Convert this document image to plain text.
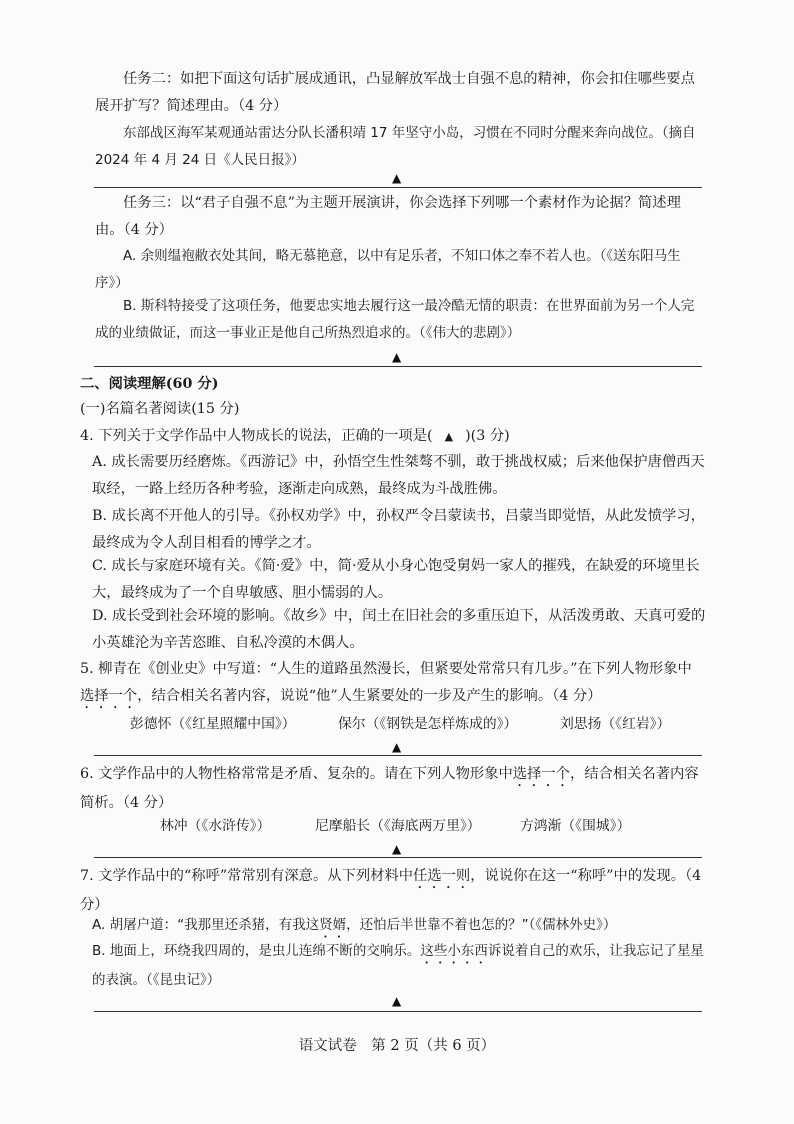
任务二：如把下面这句话扩展成通讯，凸显解放军战士自强不息的精神，你会扣住哪些要点展开扩写？简述理由。（4 分）

东部战区海军某观通站雷达分队长潘积靖 17 年坚守小岛，习惯在不同时分醒来奔向战位。（摘自 2024 年 4 月 24 日《人民日报》）

▲

任务三：以“君子自强不息”为主题开展演讲，你会选择下列哪一个素材作为论据？简述理由。（4 分）

A. 余则缊袍敝衣处其间，略无慕艳意，以中有足乐者，不知口体之奉不若人也。（《送东阳马生序》）

B. 斯科特接受了这项任务，他要忠实地去履行这一最冷酷无情的职责：在世界面前为另一个人完成的业绩做证，而这一事业正是他自己所热烈追求的。（《伟大的悲剧》）

▲

二、阅读理解(60 分)

(一)名篇名著阅读(15 分)

4. 下列关于文学作品中人物成长的说法，正确的一项是( ▲ )(3 分)

A. 成长需要历经磨炼。《西游记》中，孙悟空生性桀骜不驯，敢于挑战权威；后来他保护唐僧西天取经，一路上经历各种考验，逐渐走向成熟，最终成为斗战胜佛。

B. 成长离不开他人的引导。《孙权劝学》中，孙权严令吕蒙读书，吕蒙当即觉悟，从此发愤学习，最终成为令人刮目相看的博学之才。

C. 成长与家庭环境有关。《简·爱》中，简·爱从小身心饱受舅妈一家人的摧残，在缺爱的环境里长大，最终成为了一个自卑敏感、胆小懦弱的人。

D. 成长受到社会环境的影响。《故乡》中，闰土在旧社会的多重压迫下，从活泼勇敢、天真可爱的小英雄沦为辛苦恣睢、自私冷漠的木偶人。

5. 柳青在《创业史》中写道：“人生的道路虽然漫长，但紧要处常常只有几步。”在下列人物形象中选择一个，结合相关名著内容，说说“他”人生紧要处的一步及产生的影响。（4 分）

彭德怀（《红星照耀中国》）	保尔（《钢铁是怎样炼成的》）	刘思扬（《红岩》）
▲

6. 文学作品中的人物性格常常是矛盾、复杂的。请在下列人物形象中选择一个，结合相关名著内容简析。（4 分）

林冲（《水浒传》）	尼摩船长（《海底两万里》）	方鸿渐（《围城》）
▲

7. 文学作品中的“称呼”常常别有深意。从下列材料中任选一则，说说你在这一“称呼”中的发现。（4 分）

A. 胡屠户道：“我那里还杀猪，有我这贤婿，还怕后半世靠不着也怎的？”（《儒林外史》）

B. 地面上，环绕我四周的，是虫儿连绵不断的交响乐。这些小东西诉说着自己的欢乐，让我忘记了星星的表演。（《昆虫记》）

▲
语文试卷　第 2 页（共 6 页）
